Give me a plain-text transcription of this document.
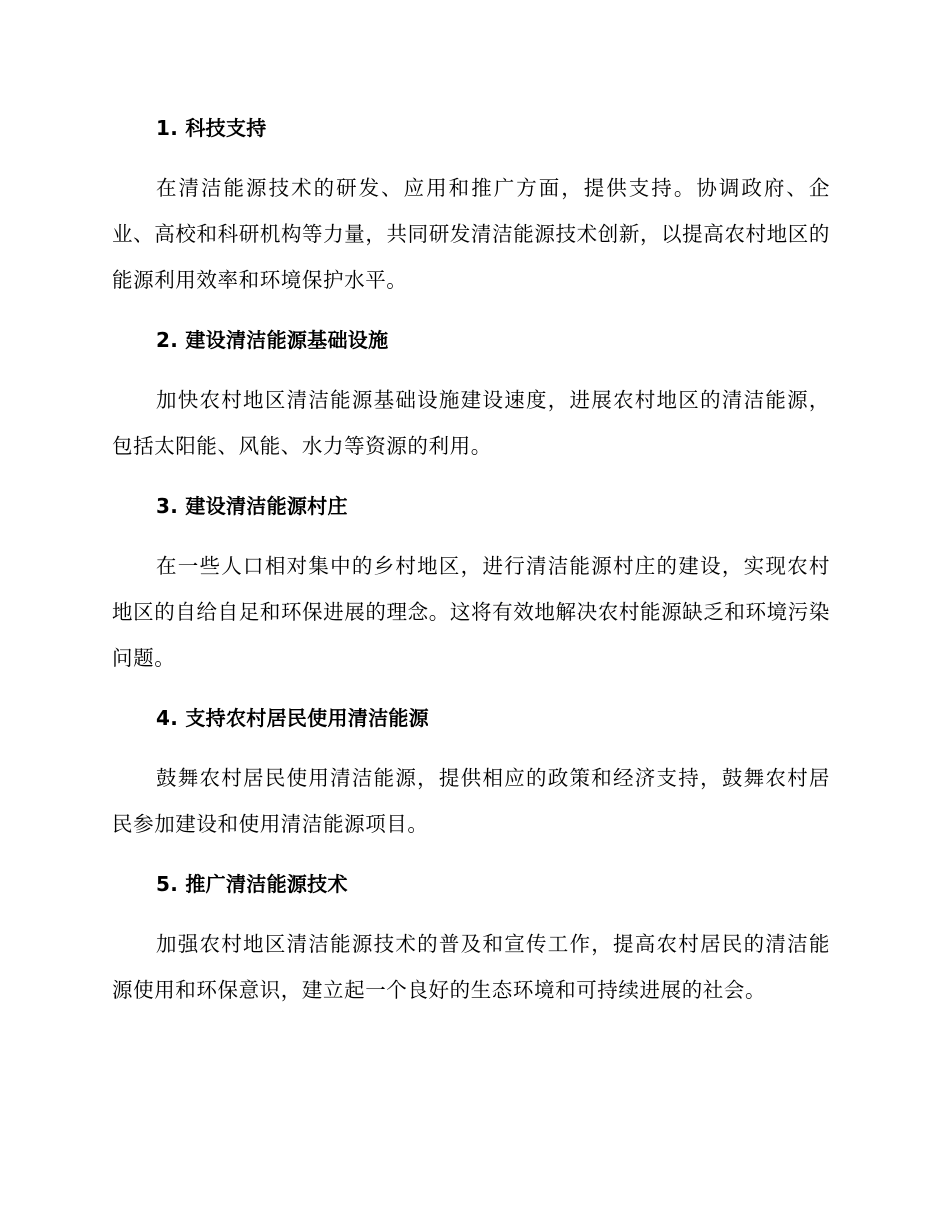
1. 科技支持

在清洁能源技术的研发、应用和推广方面，提供支持。协调政府、企业、高校和科研机构等力量，共同研发清洁能源技术创新，以提高农村地区的能源利用效率和环境保护水平。

2. 建设清洁能源基础设施

加快农村地区清洁能源基础设施建设速度，进展农村地区的清洁能源，包括太阳能、风能、水力等资源的利用。

3. 建设清洁能源村庄

在一些人口相对集中的乡村地区，进行清洁能源村庄的建设，实现农村地区的自给自足和环保进展的理念。这将有效地解决农村能源缺乏和环境污染问题。

4. 支持农村居民使用清洁能源

鼓舞农村居民使用清洁能源，提供相应的政策和经济支持，鼓舞农村居民参加建设和使用清洁能源项目。

5. 推广清洁能源技术

加强农村地区清洁能源技术的普及和宣传工作，提高农村居民的清洁能源使用和环保意识，建立起一个良好的生态环境和可持续进展的社会。
